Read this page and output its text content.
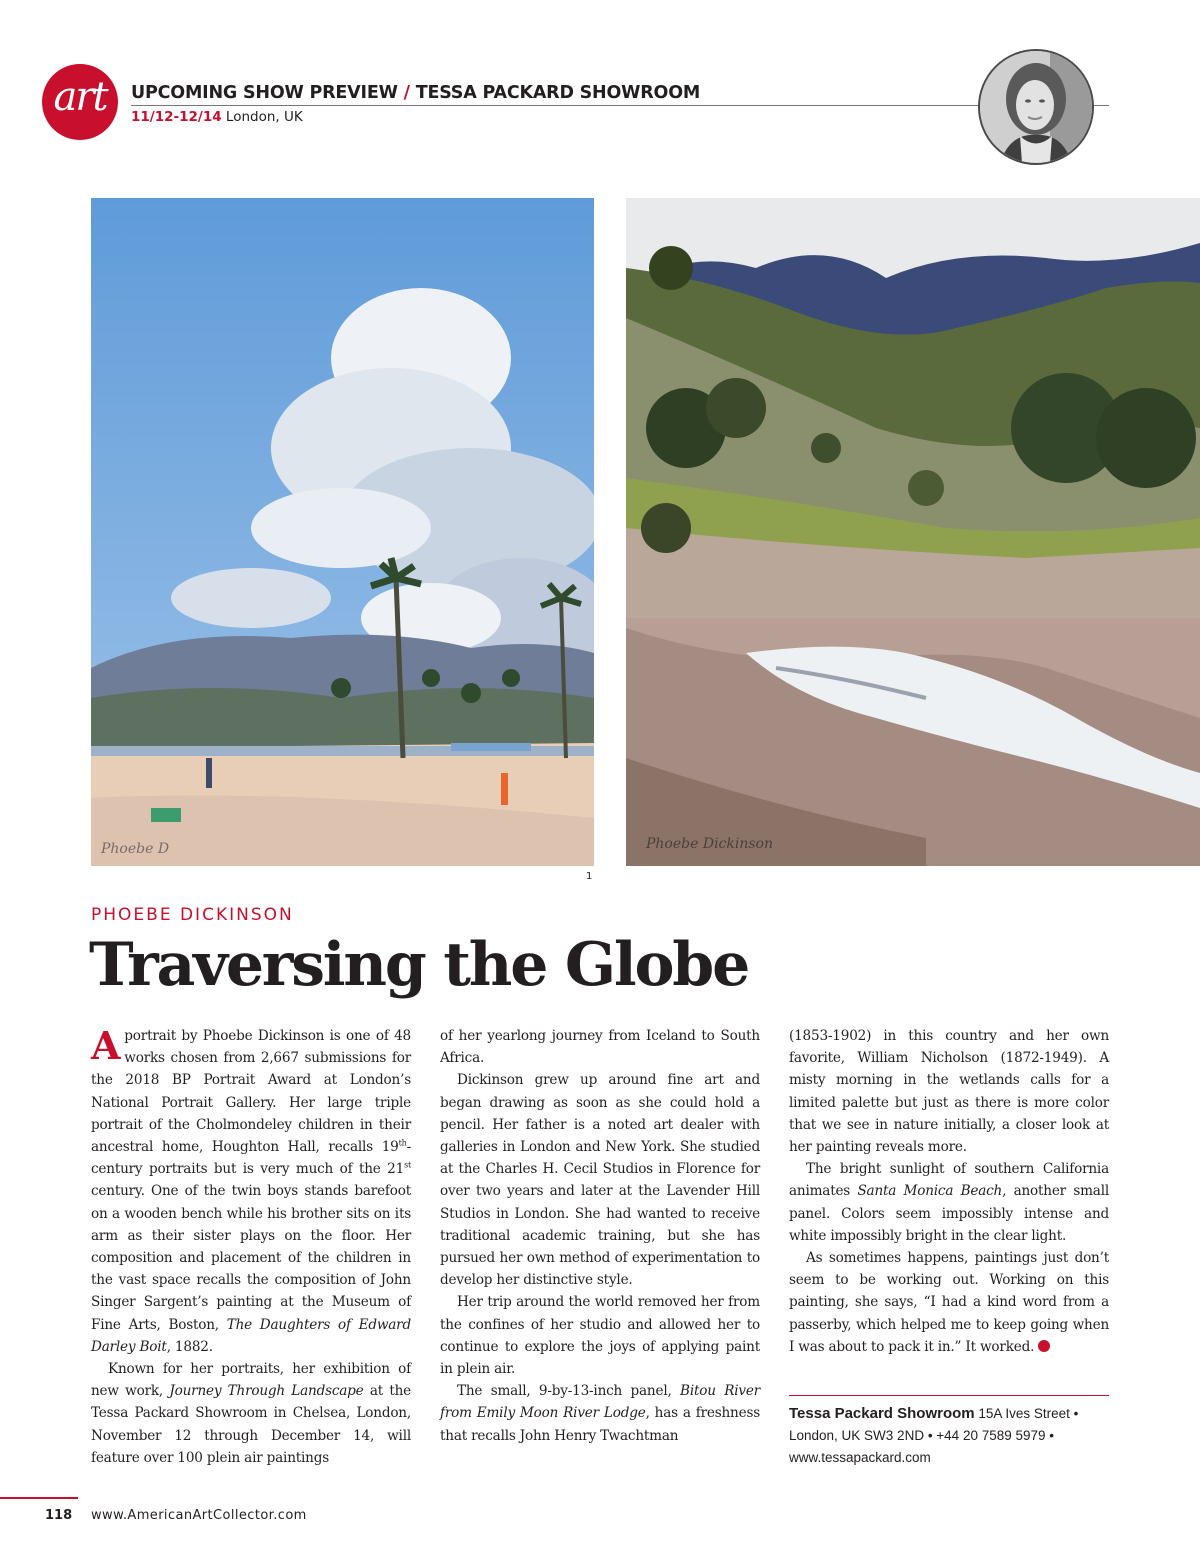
art	UPCOMING SHOW PREVIEW / TESSA PACKARD SHOWROOM
11/12-12/14 London, UK
Phoebe D	Phoebe Dickinson
1
PHOEBE DICKINSON
Traversing the Globe

Aportrait by Phoebe Dickinson is one of 48 works chosen from 2,667 submissions for the 2018 BP Portrait Award at London’s National Portrait Gallery. Her large triple portrait of the Cholmondeley children in their ancestral home, Houghton Hall, recalls 19th-century portraits but is very much of the 21st century. One of the twin boys stands barefoot on a wooden bench while his brother sits on its arm as their sister plays on the floor. Her composition and placement of the children in the vast space recalls the composition of John Singer Sargent’s painting at the Museum of Fine Arts, Boston, The Daughters of Edward Darley Boit, 1882.

Known for her portraits, her exhibition of new work, Journey Through Landscape at the Tessa Packard Showroom in Chelsea, London, November 12 through December 14, will feature over 100 plein air paintings

of her yearlong journey from Iceland to South Africa.

Dickinson grew up around fine art and began drawing as soon as she could hold a pencil. Her father is a noted art dealer with galleries in London and New York. She studied at the Charles H. Cecil Studios in Florence for over two years and later at the Lavender Hill Studios in London. She had wanted to receive traditional academic training, but she has pursued her own method of experimentation to develop her distinctive style.

Her trip around the world removed her from the confines of her studio and allowed her to continue to explore the joys of applying paint in plein air.

The small, 9-by-13-inch panel, Bitou River from Emily Moon River Lodge, has a freshness that recalls John Henry Twachtman

(1853-1902) in this country and her own favorite, William Nicholson (1872-1949). A misty morning in the wetlands calls for a limited palette but just as there is more color that we see in nature initially, a closer look at her painting reveals more.

The bright sunlight of southern California animates Santa Monica Beach, another small panel. Colors seem impossibly intense and white impossibly bright in the clear light.

As sometimes happens, paintings just don’t seem to be working out. Working on this painting, she says, “I had a kind word from a passerby, which helped me to keep going when I was about to pack it in.” It worked.

Tessa Packard Showroom 15A Ives Street •
London, UK SW3 2ND • +44 20 7589 5979 •
www.tessapackard.com
118 www.AmericanArtCollector.com
